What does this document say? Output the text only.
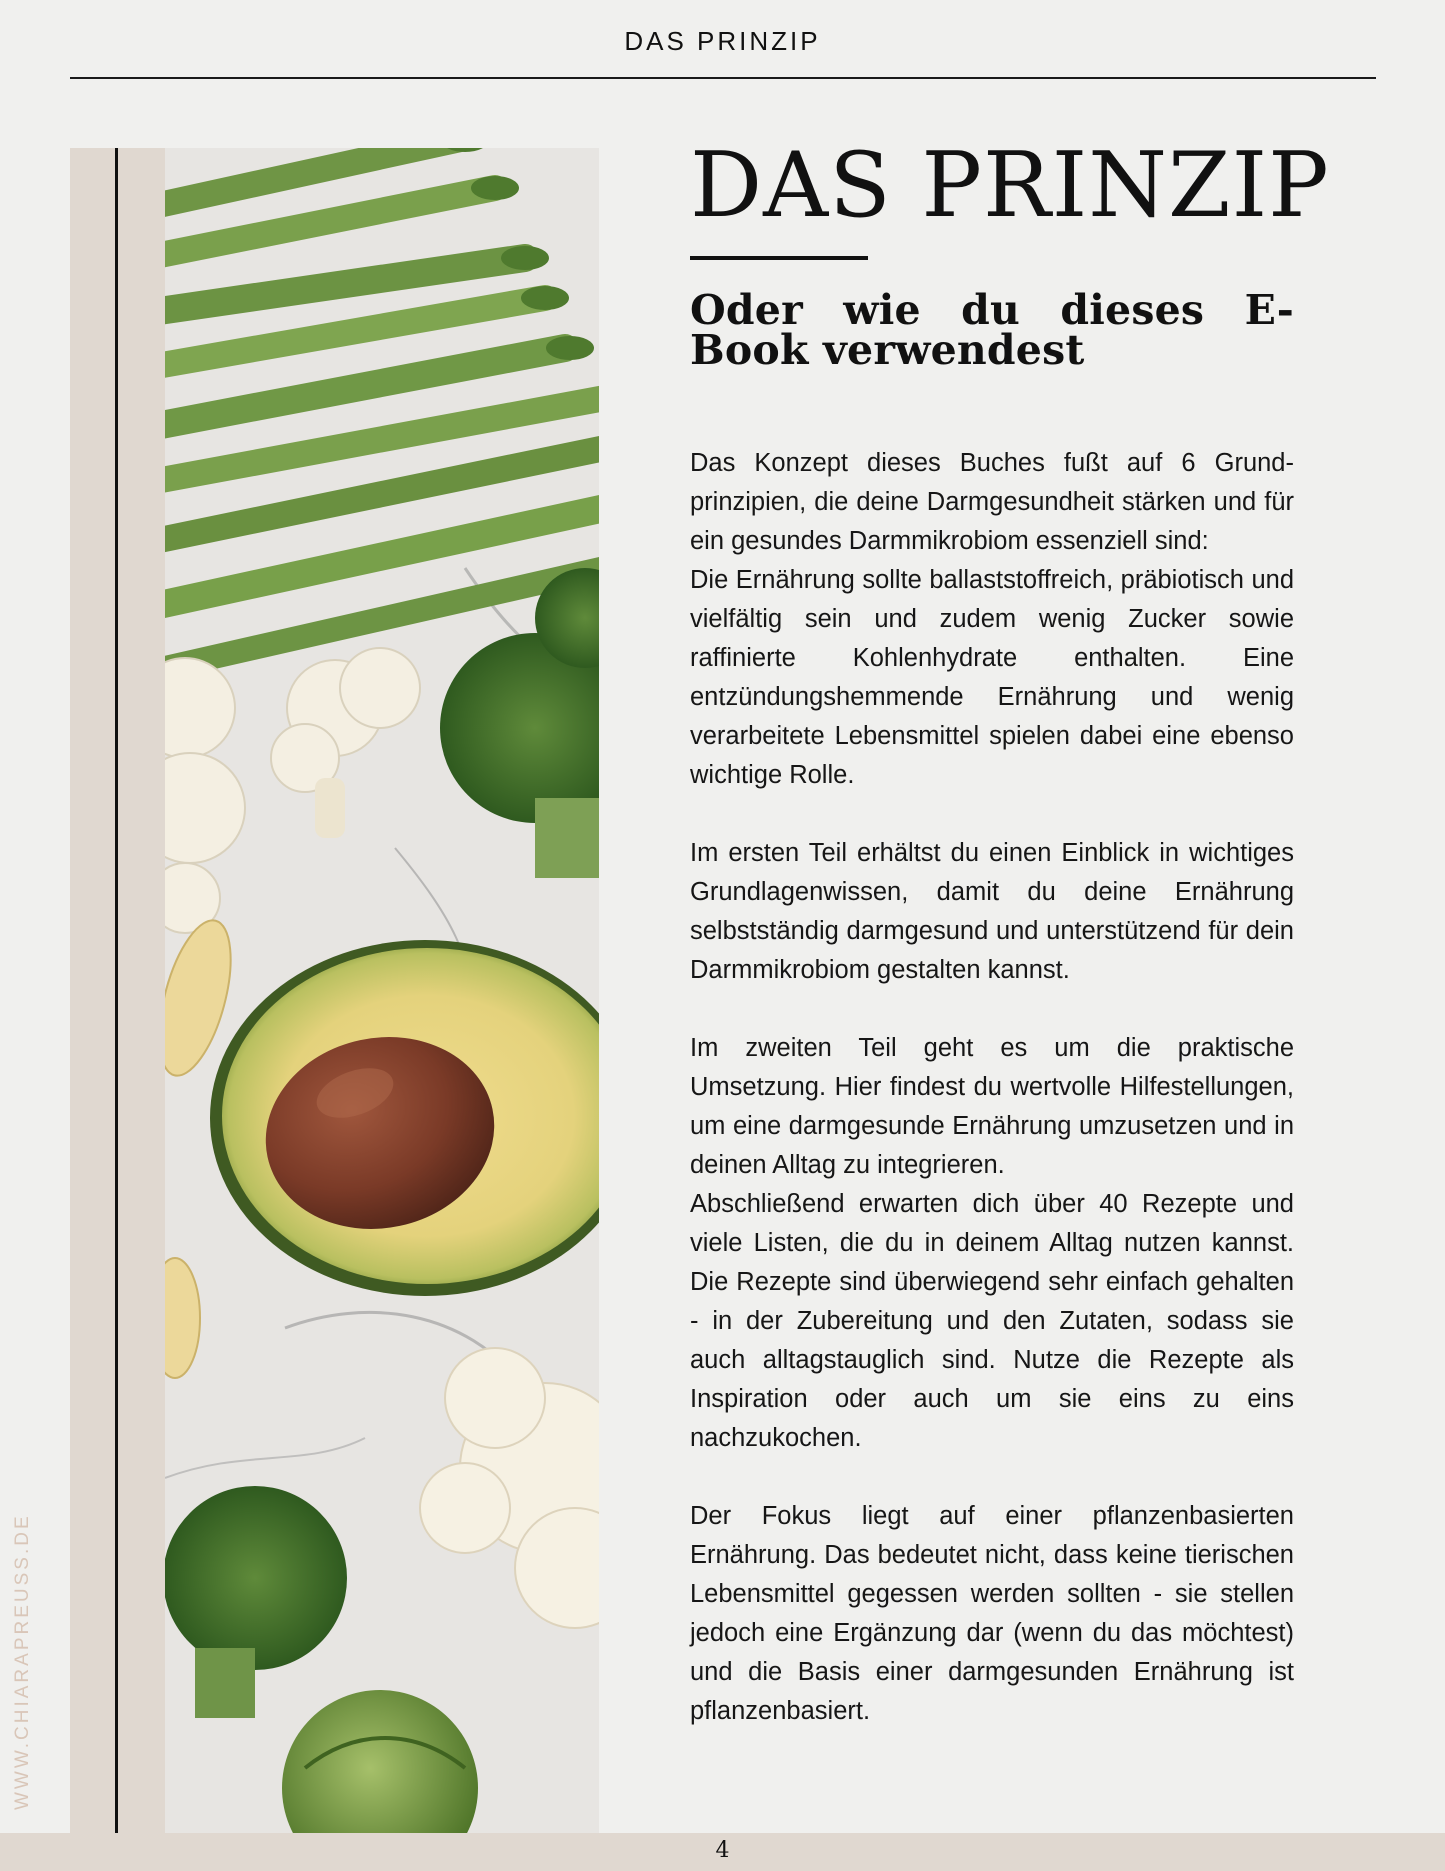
DAS PRINZIP
WWW.CHIARAPREUSS.DE
DAS PRINZIP
Oder wie du dieses E-Book verwendest

Das Konzept dieses Buches fußt auf 6 Grundprinzipien, die deine Darmgesundheit stärken und für ein gesundes Darmmikrobiom essenziell sind:
Die Ernährung sollte ballaststoffreich, präbiotisch und vielfältig sein und zudem wenig Zucker sowie raffinierte Kohlenhydrate enthalten. Eine entzündungshemmende Ernährung und wenig verarbeitete Lebensmittel spielen dabei eine ebenso wichtige Rolle.

Im ersten Teil erhältst du einen Einblick in wichtiges Grundlagenwissen, damit du deine Ernährung selbstständig darmgesund und unterstützend für dein Darmmikrobiom gestalten kannst.

Im zweiten Teil geht es um die praktische Umsetzung. Hier findest du wertvolle Hilfestellungen, um eine darmgesunde Ernährung umzusetzen und in deinen Alltag zu integrieren.
Abschließend erwarten dich über 40 Rezepte und viele Listen, die du in deinem Alltag nutzen kannst. Die Rezepte sind überwiegend sehr einfach gehalten - in der Zubereitung und den Zutaten, sodass sie auch alltagstauglich sind. Nutze die Rezepte als Inspiration oder auch um sie eins zu eins nachzukochen.

Der Fokus liegt auf einer pflanzenbasierten Ernährung. Das bedeutet nicht, dass keine tierischen Lebensmittel gegessen werden sollten - sie stellen jedoch eine Ergänzung dar (wenn du das möchtest) und die Basis einer darmgesunden Ernährung ist pflanzenbasiert.

4
